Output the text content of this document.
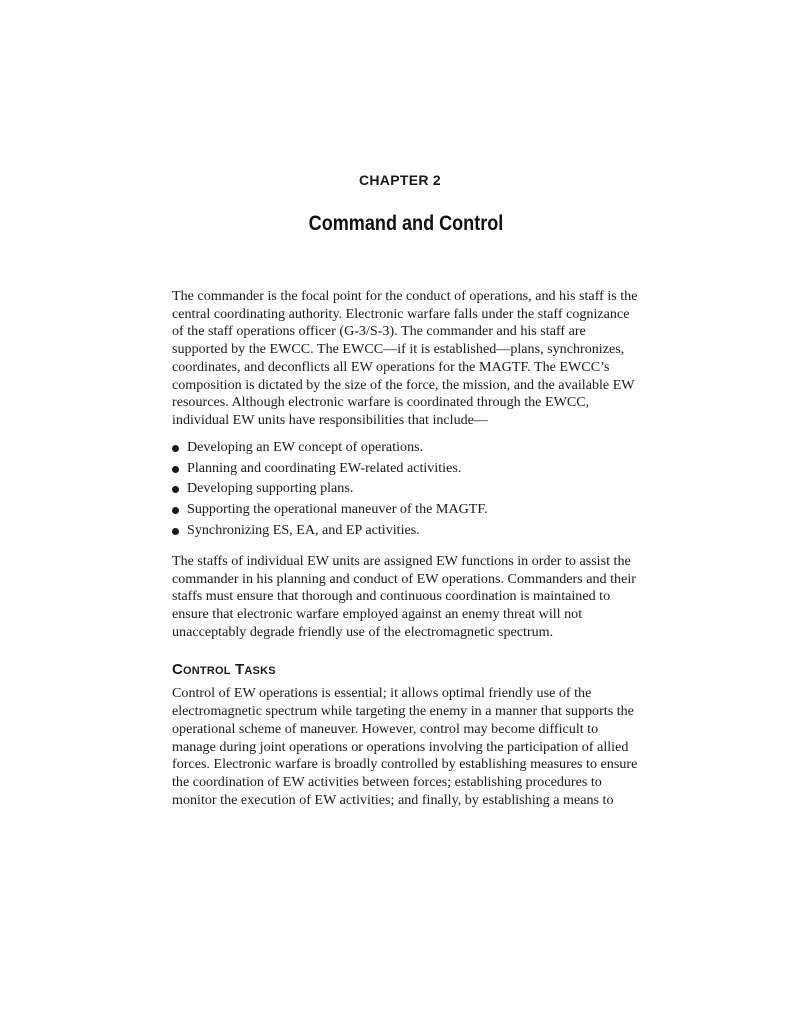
CHAPTER 2
Command and Control

The commander is the focal point for the conduct of operations, and his staff is the central coordinating authority. Electronic warfare falls under the staff cognizance of the staff operations officer (G-3/S-3). The commander and his staff are supported by the EWCC. The EWCC—if it is established—plans, synchronizes, coordinates, and deconflicts all EW operations for the MAGTF. The EWCC’s composition is dictated by the size of the force, the mission, and the available EW resources. Although electronic warfare is coordinated through the EWCC, individual EW units have responsibilities that include—

Developing an EW concept of operations.
Planning and coordinating EW-related activities.
Developing supporting plans.
Supporting the operational maneuver of the MAGTF.
Synchronizing ES, EA, and EP activities.

The staffs of individual EW units are assigned EW functions in order to assist the commander in his planning and conduct of EW operations. Commanders and their staffs must ensure that thorough and continuous coordination is maintained to ensure that electronic warfare employed against an enemy threat will not unacceptably degrade friendly use of the electromagnetic spectrum.

Control Tasks

Control of EW operations is essential; it allows optimal friendly use of the electromagnetic spectrum while targeting the enemy in a manner that supports the operational scheme of maneuver. However, control may become difficult to manage during joint operations or operations involving the participation of allied forces. Electronic warfare is broadly controlled by establishing measures to ensure the coordination of EW activities between forces; establishing procedures to monitor the execution of EW activities; and finally, by establishing a means to
